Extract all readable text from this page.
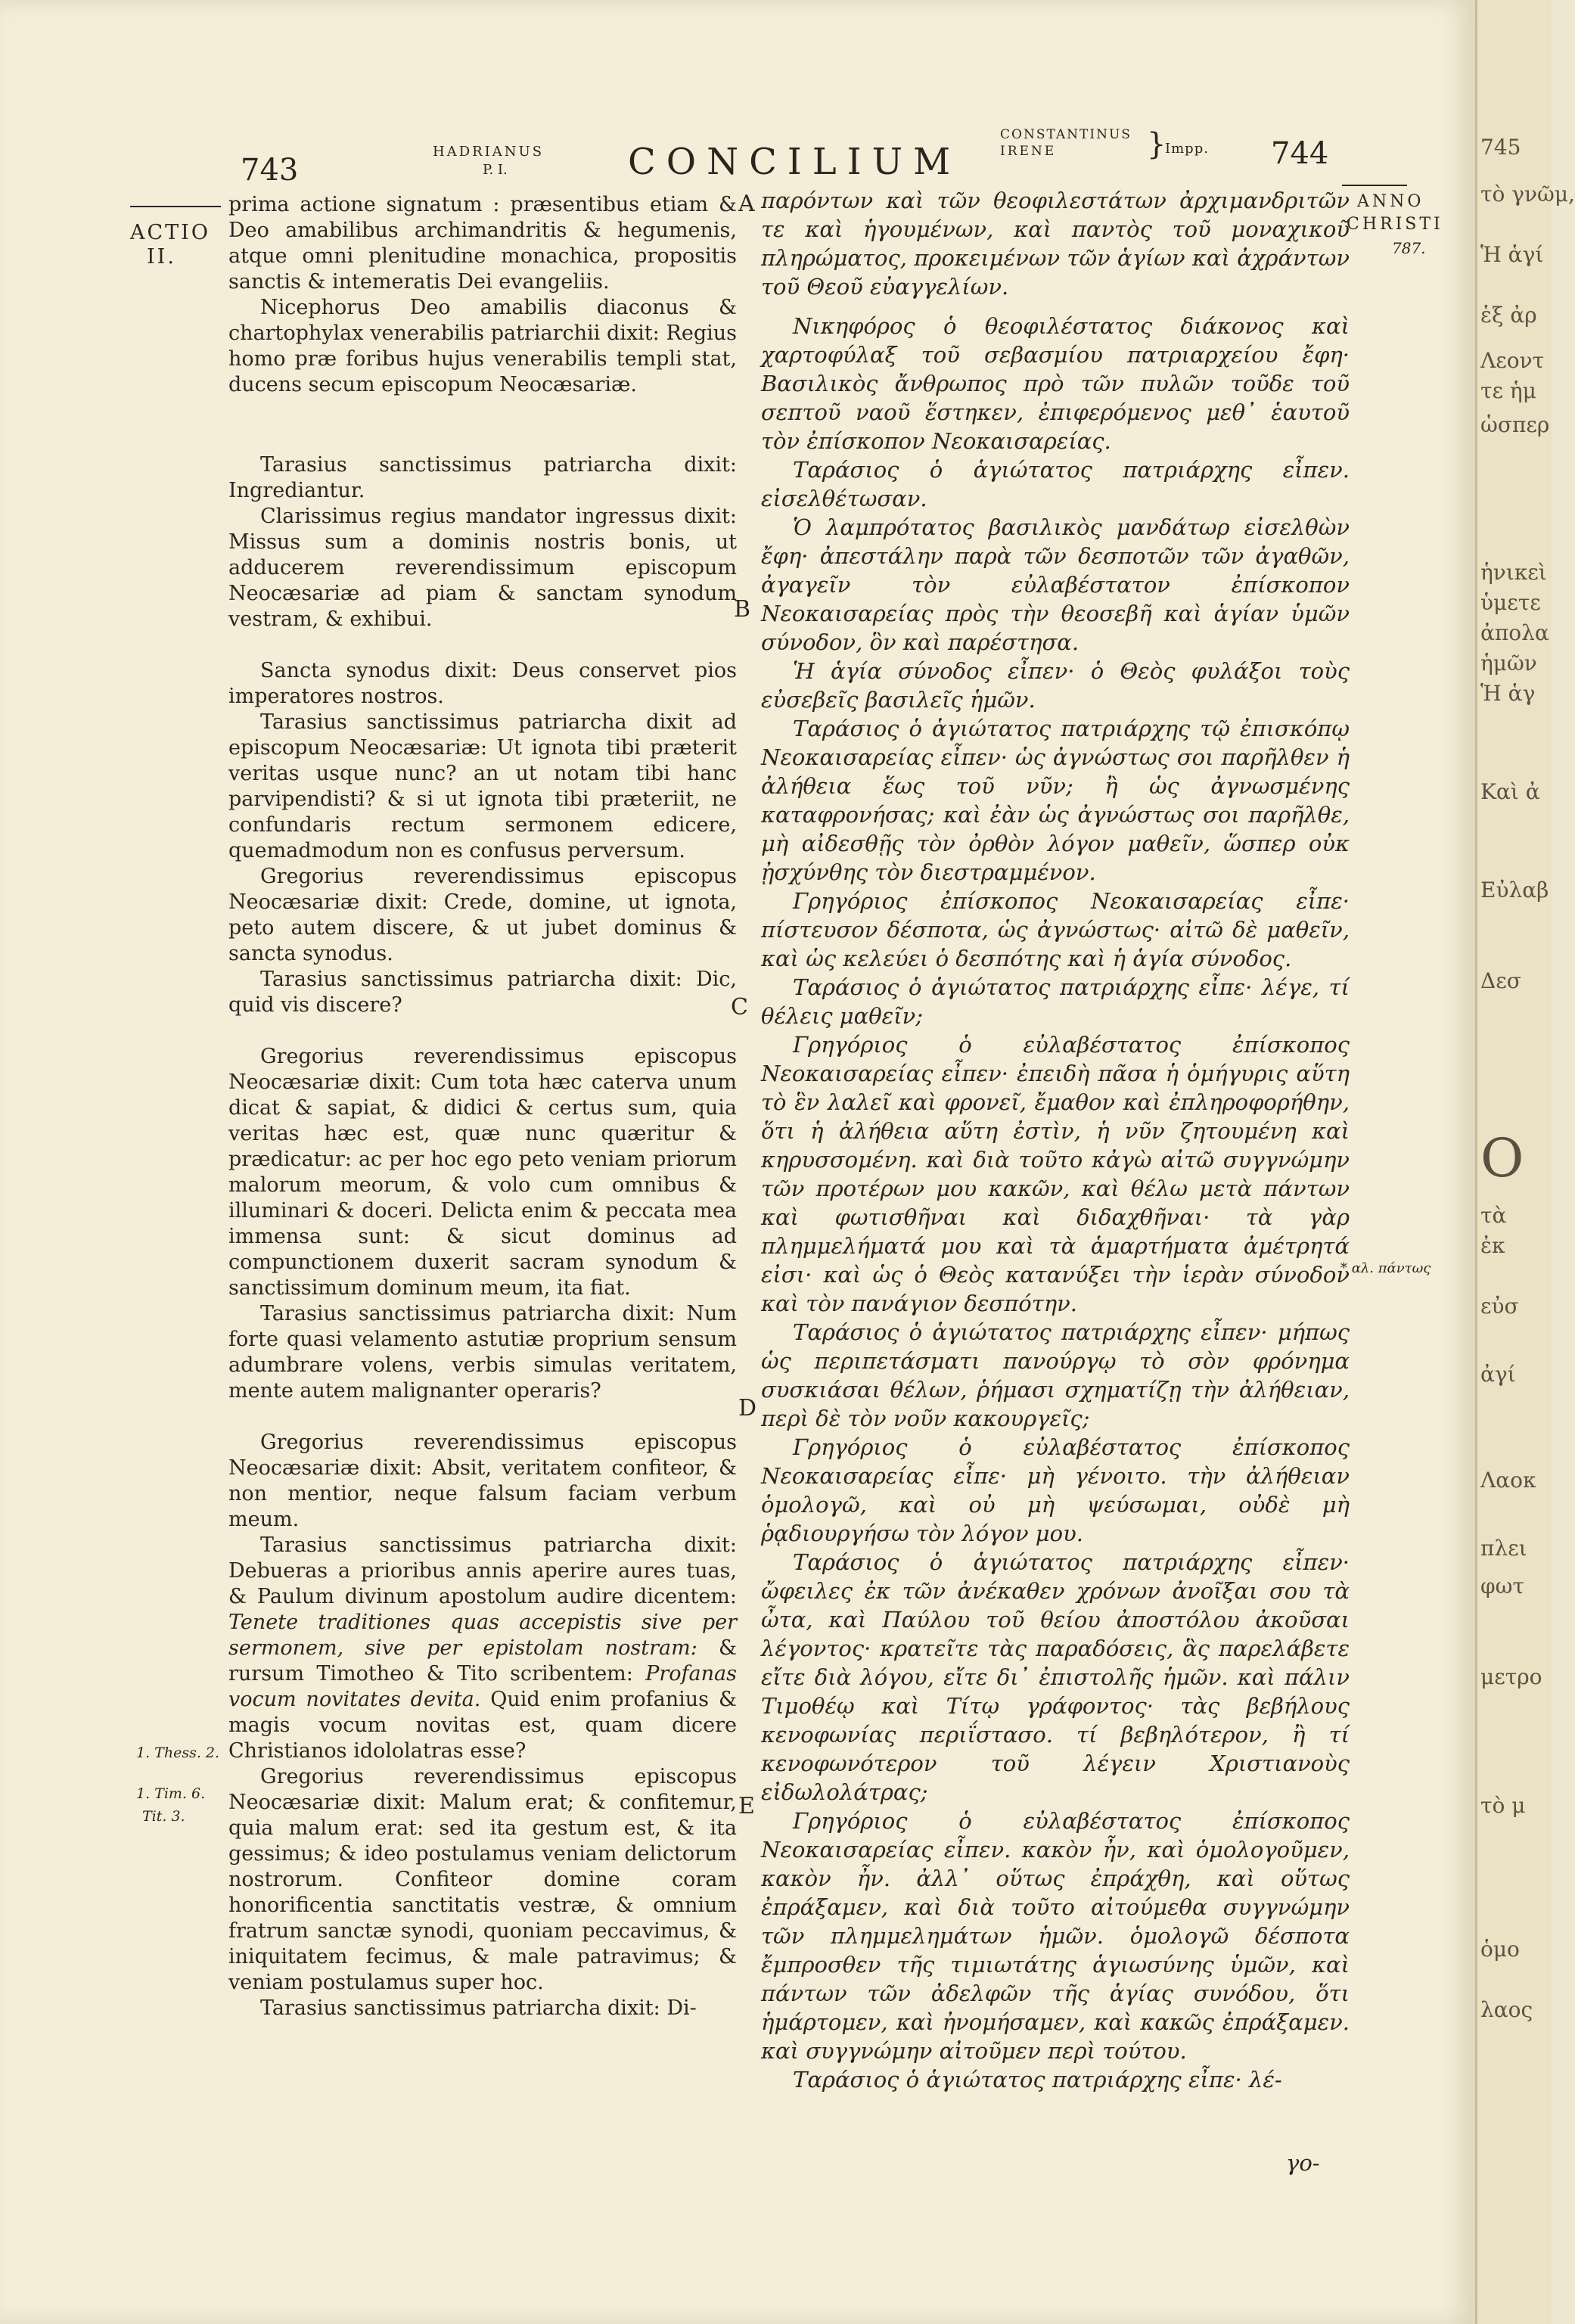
743
HADRIANUS
P. I.	CONCILIUM
CONSTANTINUS
IRENE	}
Impp. 744
ACTIO
II.
1. Thess. 2.
1. Tim. 6.
Tit. 3.
A
B
C
D
E

prima actione signatum : præsentibus etiam & Deo amabilibus archimandritis & hegumenis, atque omni plenitudine monachica, propositis sanctis & intemeratis Dei evangeliis.

Nicephorus Deo amabilis diaconus & chartophylax venerabilis patriarchii dixit: Regius homo præ foribus hujus venerabilis templi stat, ducens secum episcopum Neocæsariæ.

Tarasius sanctissimus patriarcha dixit: Ingrediantur.

Clarissimus regius mandator ingressus dixit: Missus sum a dominis nostris bonis, ut adducerem reverendissimum episcopum Neocæsariæ ad piam & sanctam synodum vestram, & exhibui.

Sancta synodus dixit: Deus conservet pios imperatores nostros.

Tarasius sanctissimus patriarcha dixit ad episcopum Neocæsariæ: Ut ignota tibi præterit veritas usque nunc? an ut notam tibi hanc parvipendisti? & si ut ignota tibi præteriit, ne confundaris rectum sermonem edicere, quemadmodum non es confusus perversum.

Gregorius reverendissimus episcopus Neocæsariæ dixit: Crede, domine, ut ignota, peto autem discere, & ut jubet dominus & sancta synodus.

Tarasius sanctissimus patriarcha dixit: Dic, quid vis discere?

Gregorius reverendissimus episcopus Neocæsariæ dixit: Cum tota hæc caterva unum dicat & sapiat, & didici & certus sum, quia veritas hæc est, quæ nunc quæritur & prædicatur: ac per hoc ego peto veniam priorum malorum meorum, & volo cum omnibus & illuminari & doceri. Delicta enim & peccata mea immensa sunt: & sicut dominus ad compunctionem duxerit sacram synodum & sanctissimum dominum meum, ita fiat.

Tarasius sanctissimus patriarcha dixit: Num forte quasi velamento astutiæ proprium sensum adumbrare volens, verbis simulas veritatem, mente autem malignanter operaris?

Gregorius reverendissimus episcopus Neocæsariæ dixit: Absit, veritatem confiteor, & non mentior, neque falsum faciam verbum meum.

Tarasius sanctissimus patriarcha dixit: Debueras a prioribus annis aperire aures tuas, & Paulum divinum apostolum audire dicentem: Tenete traditiones quas accepistis sive per sermonem, sive per epistolam nostram: & rursum Timotheo & Tito scribentem: Profanas vocum novitates devita. Quid enim profanius & magis vocum novitas est, quam dicere Christianos idololatras esse?

Gregorius reverendissimus episcopus Neocæsariæ dixit: Malum erat; & confitemur, quia malum erat: sed ita gestum est, & ita gessimus; & ideo postulamus veniam delictorum nostrorum. Confiteor domine coram honorificentia sanctitatis vestræ, & omnium fratrum sanctæ synodi, quoniam peccavimus, & iniquitatem fecimus, & male patravimus; & veniam postulamus super hoc.

Tarasius sanctissimus patriarcha dixit: Di-

παρόντων καὶ τῶν θεοφιλεστάτων ἀρχιμανδριτῶν τε καὶ ἡγουμένων, καὶ παντὸς τοῦ μοναχικοῦ πληρώματος, προκειμένων τῶν ἁγίων καὶ ἀχράντων τοῦ Θεοῦ εὐαγγελίων.

Νικηφόρος ὁ θεοφιλέστατος διάκονος καὶ χαρτοφύλαξ τοῦ σεβασμίου πατριαρχείου ἔφη· Βασιλικὸς ἄνθρωπος πρὸ τῶν πυλῶν τοῦδε τοῦ σεπτοῦ ναοῦ ἕστηκεν, ἐπιφερόμενος μεθ᾽ ἑαυτοῦ τὸν ἐπίσκοπον Νεοκαισαρείας.

Ταράσιος ὁ ἁγιώτατος πατριάρχης εἶπεν. εἰσελθέτωσαν.

Ὁ λαμπρότατος βασιλικὸς μανδάτωρ εἰσελθὼν ἔφη· ἀπεστάλην παρὰ τῶν δεσποτῶν τῶν ἀγαθῶν, ἀγαγεῖν τὸν εὐλαβέστατον ἐπίσκοπον Νεοκαισαρείας πρὸς τὴν θεοσεβῆ καὶ ἁγίαν ὑμῶν σύνοδον, ὃν καὶ παρέστησα.

Ἡ ἁγία σύνοδος εἶπεν· ὁ Θεὸς φυλάξοι τοὺς εὐσεβεῖς βασιλεῖς ἡμῶν.

Ταράσιος ὁ ἁγιώτατος πατριάρχης τῷ ἐπισκόπῳ Νεοκαισαρείας εἶπεν· ὡς ἀγνώστως σοι παρῆλθεν ἡ ἀλήθεια ἕως τοῦ νῦν; ἢ ὡς ἀγνωσμένης καταφρονήσας; καὶ ἐὰν ὡς ἀγνώστως σοι παρῆλθε, μὴ αἰδεσθῇς τὸν ὀρθὸν λόγον μαθεῖν, ὥσπερ οὐκ ᾐσχύνθης τὸν διεστραμμένον.

Γρηγόριος ἐπίσκοπος Νεοκαισαρείας εἶπε· πίστευσον δέσποτα, ὡς ἀγνώστως· αἰτῶ δὲ μαθεῖν, καὶ ὡς κελεύει ὁ δεσπότης καὶ ἡ ἁγία σύνοδος.

Ταράσιος ὁ ἁγιώτατος πατριάρχης εἶπε· λέγε, τί θέλεις μαθεῖν;

Γρηγόριος ὁ εὐλαβέστατος ἐπίσκοπος Νεοκαισαρείας εἶπεν· ἐπειδὴ πᾶσα ἡ ὁμήγυρις αὕτη τὸ ἓν λαλεῖ καὶ φρονεῖ, ἔμαθον καὶ ἐπληροφορήθην, ὅτι ἡ ἀλήθεια αὕτη ἐστὶν, ἡ νῦν ζητουμένη καὶ κηρυσσομένη. καὶ διὰ τοῦτο κἀγὼ αἰτῶ συγγνώμην τῶν προτέρων μου κακῶν, καὶ θέλω μετὰ πάντων καὶ φωτισθῆναι καὶ διδαχθῆναι· τὰ γὰρ πλημμελήματά μου καὶ τὰ ἁμαρτήματα ἀμέτρητά εἰσι· καὶ ὡς ὁ Θεὸς κατανύξει τὴν ἱερὰν σύνοδον καὶ τὸν πανάγιον δεσπότην.

Ταράσιος ὁ ἁγιώτατος πατριάρχης εἶπεν· μήπως ὡς περιπετάσματι πανούργῳ τὸ σὸν φρόνημα συσκιάσαι θέλων, ῥήμασι σχηματίζῃ τὴν ἀλήθειαν, περὶ δὲ τὸν νοῦν κακουργεῖς;

Γρηγόριος ὁ εὐλαβέστατος ἐπίσκοπος Νεοκαισαρείας εἶπε· μὴ γένοιτο. τὴν ἀλήθειαν ὁμολογῶ, καὶ οὐ μὴ ψεύσωμαι, οὐδὲ μὴ ῥᾳδιουργήσω τὸν λόγον μου.

Ταράσιος ὁ ἁγιώτατος πατριάρχης εἶπεν· ὤφειλες ἐκ τῶν ἀνέκαθεν χρόνων ἀνοῖξαι σου τὰ ὦτα, καὶ Παύλου τοῦ θείου ἀποστόλου ἀκοῦσαι λέγοντος· κρατεῖτε τὰς παραδόσεις, ἃς παρελάβετε εἴτε διὰ λόγου, εἴτε δι᾽ ἐπιστολῆς ἡμῶν. καὶ πάλιν Τιμοθέῳ καὶ Τίτῳ γράφοντος· τὰς βεβήλους κενοφωνίας περιΐστασο. τί βεβηλότερον, ἢ τί κενοφωνότερον τοῦ λέγειν Χριστιανοὺς εἰδωλολάτρας;

Γρηγόριος ὁ εὐλαβέστατος ἐπίσκοπος Νεοκαισαρείας εἶπεν. κακὸν ἦν, καὶ ὁμολογοῦμεν, κακὸν ἦν. ἀλλ᾽ οὕτως ἐπράχθη, καὶ οὕτως ἐπράξαμεν, καὶ διὰ τοῦτο αἰτούμεθα συγγνώμην τῶν πλημμελημάτων ἡμῶν. ὁμολογῶ δέσποτα ἔμπροσθεν τῆς τιμιωτάτης ἁγιωσύνης ὑμῶν, καὶ πάντων τῶν ἀδελφῶν τῆς ἁγίας συνόδου, ὅτι ἡμάρτομεν, καὶ ἠνομήσαμεν, καὶ κακῶς ἐπράξαμεν. καὶ συγγνώμην αἰτοῦμεν περὶ τούτου.

Ταράσιος ὁ ἁγιώτατος πατριάρχης εἶπε· λέ-

ANNO
CHRISTI
787.
* αλ. πάντως
γο-
745
τὸ γνῶμ,
Ἡ ἁγί
ἑξ ἀρ
Λεοντ
τε ἡμ
ὡσπερ
ἡνικεὶ
ὑμετε
ἀπολα
ἡμῶν
Ἡ ἁγ
Καὶ ἀ
Εὐλαβ
Δεσ
Ο
τὰ
ἐκ
εὐσ
ἀγί
Λαοκ
πλει
φωτ
μετρο
τὸ μ
ὁμο
λαος
